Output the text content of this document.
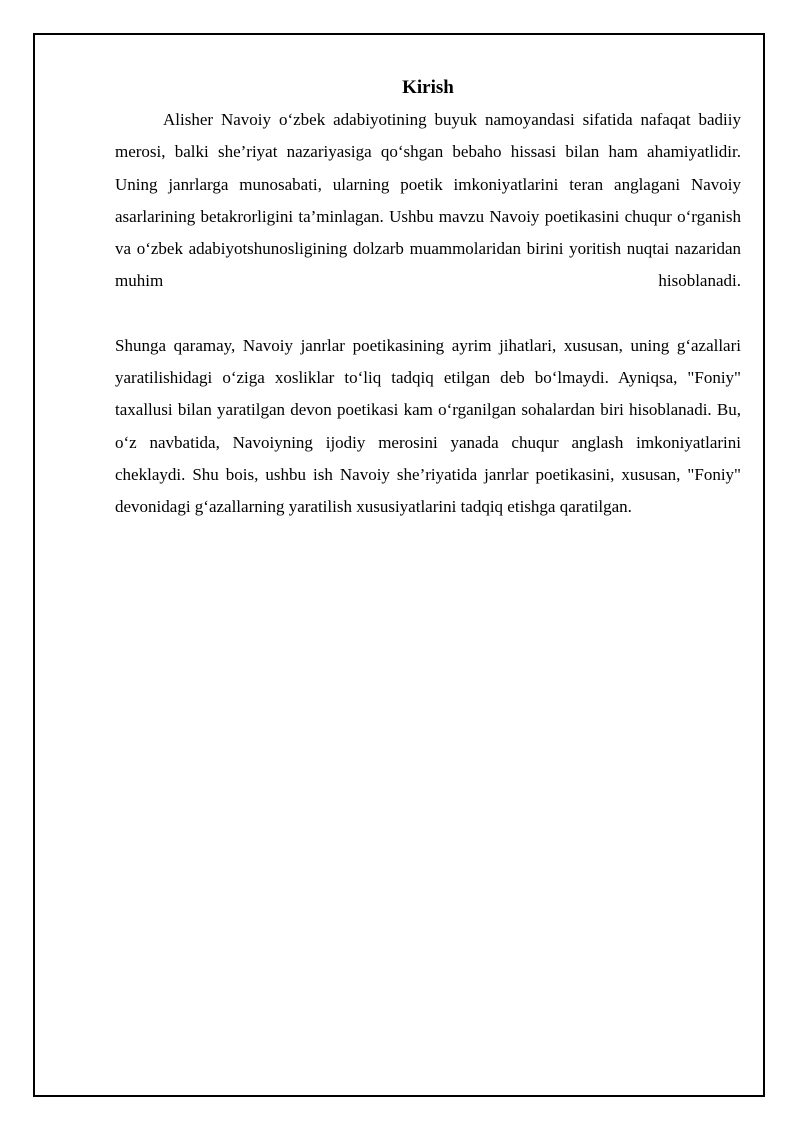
Kirish

Alisher Navoiy o‘zbek adabiyotining buyuk namoyandasi sifatida nafaqat badiiy merosi, balki she’riyat nazariyasiga qo‘shgan bebaho hissasi bilan ham ahamiyatlidir. Uning janrlarga munosabati, ularning poetik imkoniyatlarini teran anglagani Navoiy asarlarining betakrorligini ta’minlagan. Ushbu mavzu Navoiy poetikasini chuqur o‘rganish va o‘zbek adabiyotshunosligining dolzarb muammolaridan birini yoritish nuqtai nazaridan muhim hisoblanadi.

Shunga qaramay, Navoiy janrlar poetikasining ayrim jihatlari, xususan, uning g‘azallari yaratilishidagi o‘ziga xosliklar to‘liq tadqiq etilgan deb bo‘lmaydi. Ayniqsa, "Foniy" taxallusi bilan yaratilgan devon poetikasi kam o‘rganilgan sohalardan biri hisoblanadi. Bu, o‘z navbatida, Navoiyning ijodiy merosini yanada chuqur anglash imkoniyatlarini cheklaydi. Shu bois, ushbu ish Navoiy she’riyatida janrlar poetikasini, xususan, "Foniy" devonidagi g‘azallarning yaratilish xususiyatlarini tadqiq etishga qaratilgan.
